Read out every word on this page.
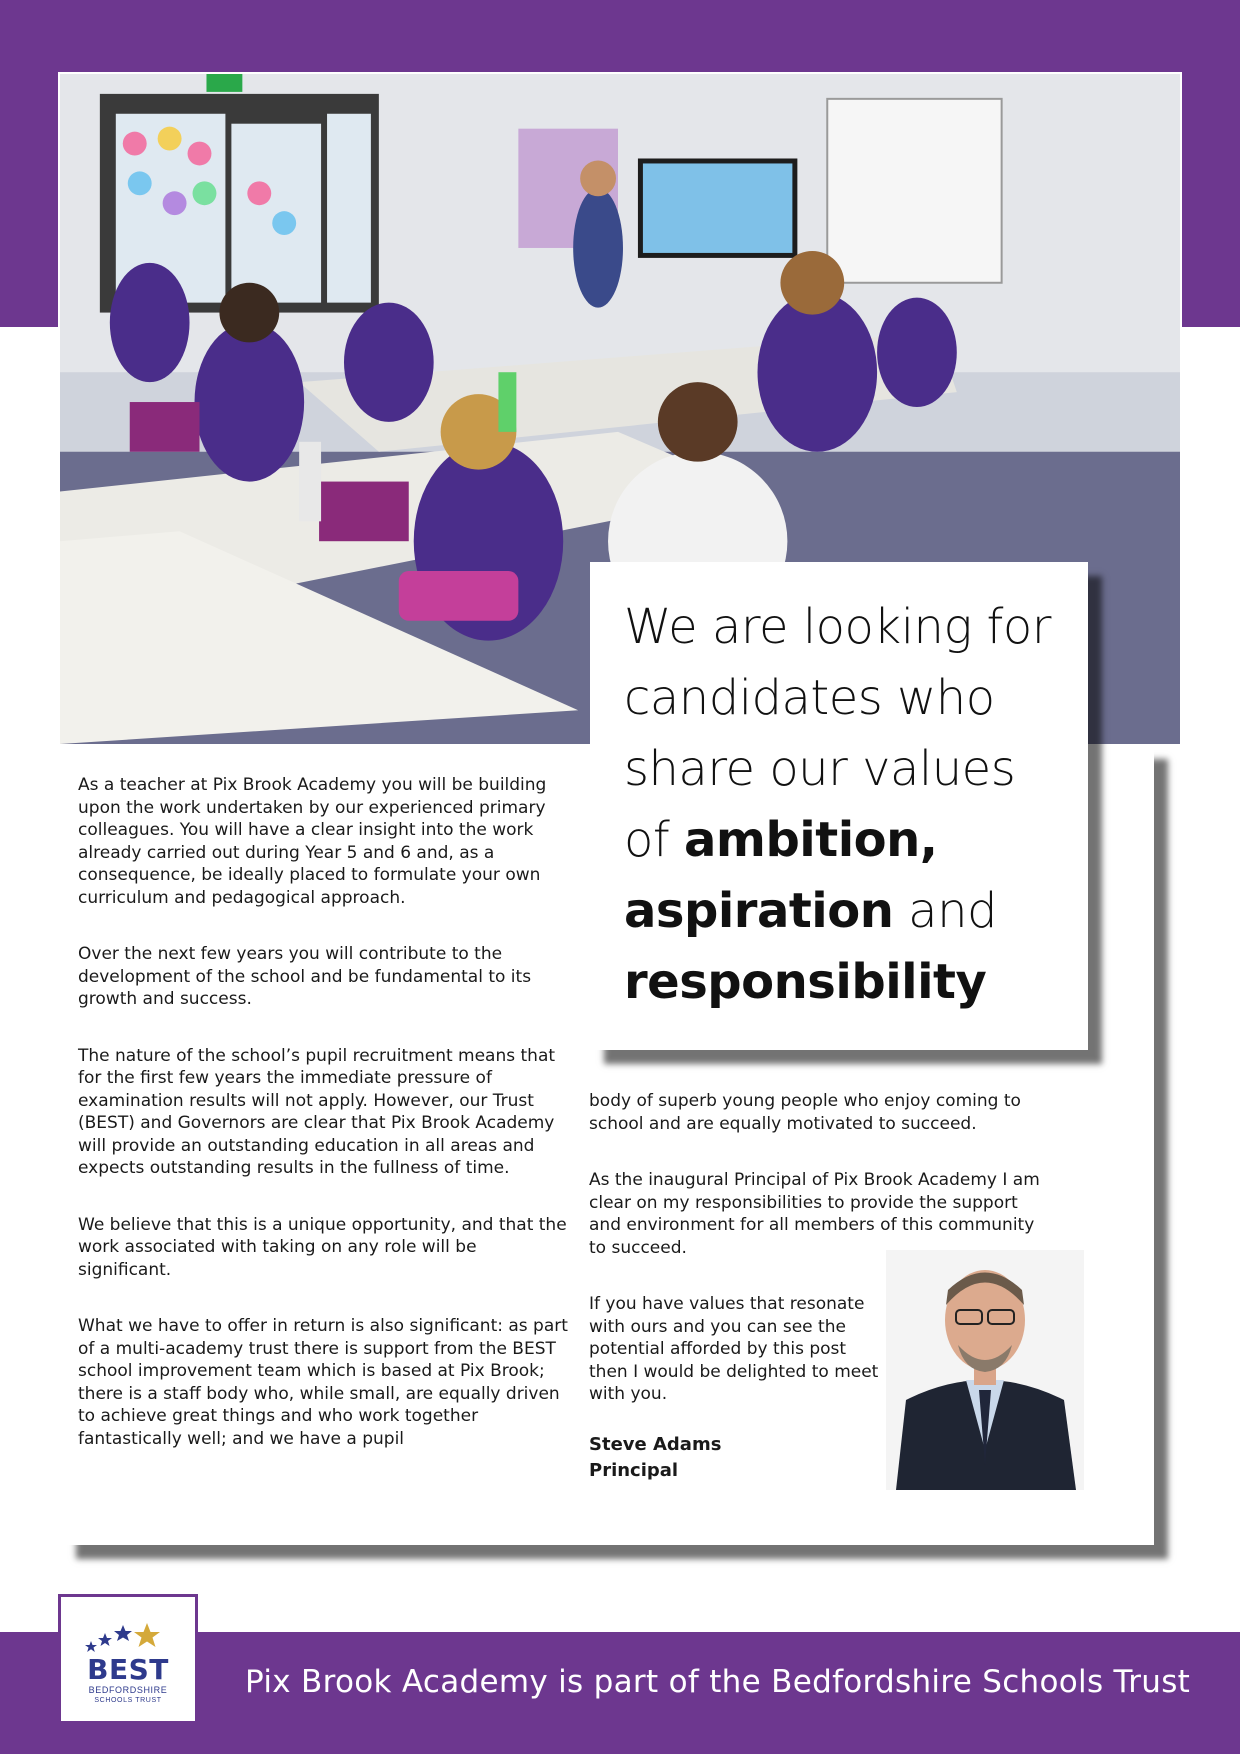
As a teacher at Pix Brook Academy you will be building upon the work undertaken by our experienced primary colleagues. You will have a clear insight into the work already carried out during Year 5 and 6 and, as a consequence, be ideally placed to formulate your own curriculum and pedagogical approach.

Over the next few years you will contribute to the development of the school and be fundamental to its growth and success.

The nature of the school’s pupil recruitment means that for the first few years the immediate pressure of examination results will not apply. However, our Trust (BEST) and Governors are clear that Pix Brook Academy will provide an outstanding education in all areas and expects outstanding results in the fullness of time.

We believe that this is a unique opportunity, and that the work associated with taking on any role will be significant.

What we have to offer in return is also significant: as part of a multi-academy trust there is support from the BEST school improvement team which is based at Pix Brook; there is a staff body who, while small, are equally driven to achieve great things and who work together fantastically well; and we have a pupil

body of superb young people who enjoy coming to school and are equally motivated to succeed.

As the inaugural Principal of Pix Brook Academy I am clear on my responsibilities to provide the support and environment for all members of this community to succeed.

If you have values that resonate with ours and you can see the potential afforded by this post then I would be delighted to meet with you.

Steve Adams
Principal

We are looking for
candidates who
share our values
of ambition,
aspiration and
responsibility

BEST
BEDFORDSHIRE
SCHOOLS TRUST
Pix Brook Academy is part of the Bedfordshire Schools Trust
